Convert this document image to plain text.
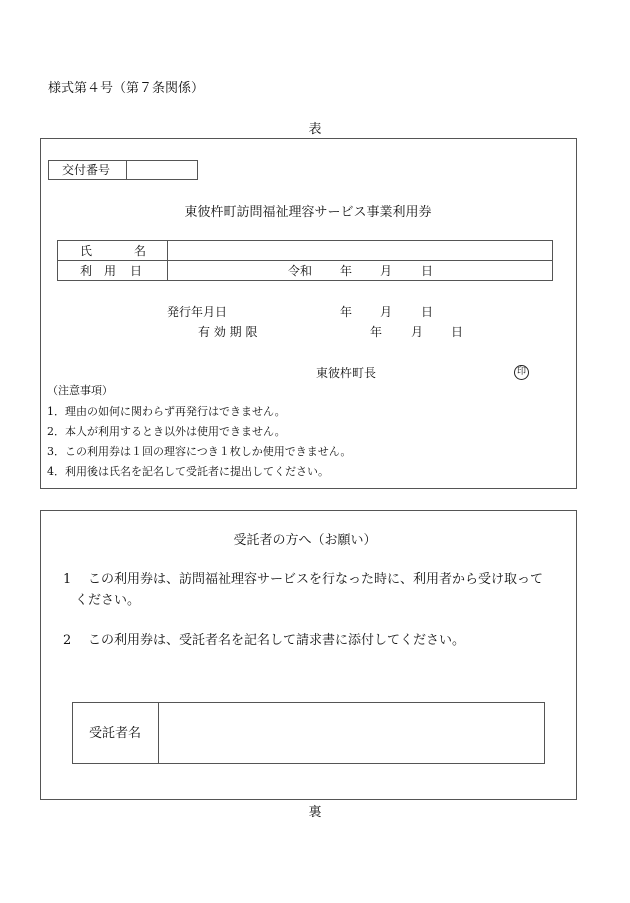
様式第４号（第７条関係）
表
交付番号
東彼杵町訪問福祉理容サービス事業利用券
氏	名
利 用 日	令和 年 月 日
発行年月日	年 月 日
有 効 期 限	年 月 日
東彼杵町長	印
（注意事項）
1．理由の如何に関わらず再発行はできません。
2．本人が利用するとき以外は使用できません。
3．この利用券は１回の理容につき１枚しか使用できません。
4．利用後は氏名を記名して受託者に提出してください。
受託者の方へ（お願い）
1 この利用券は、訪問福祉理容サービスを行なった時に、利用者から受け取って
ください。
2 この利用券は、受託者名を記名して請求書に添付してください。
受託者名
裏
